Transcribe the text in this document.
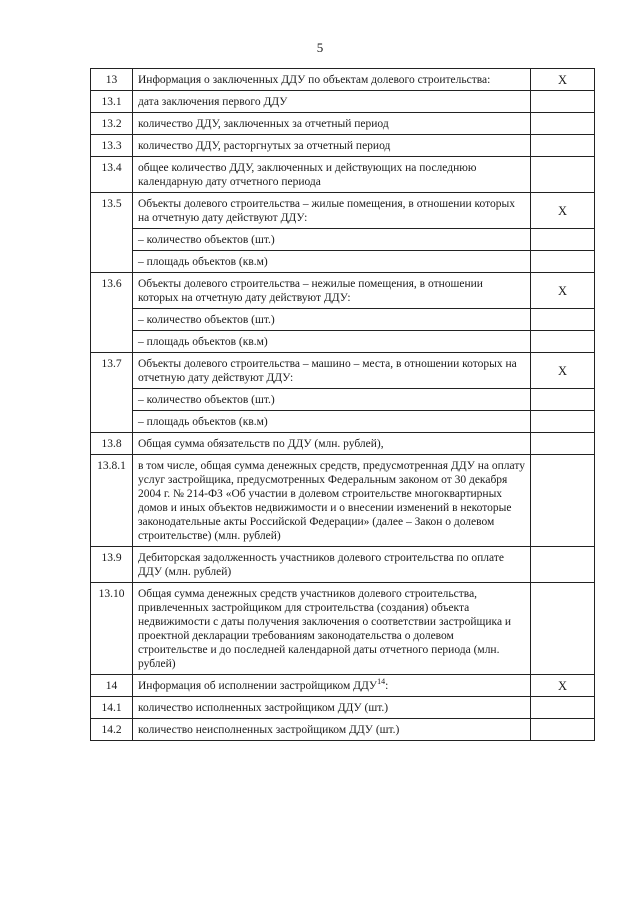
5
13	Информация о заключенных ДДУ по объектам долевого строительства:	X
13.1	дата заключения первого ДДУ	
13.2	количество ДДУ, заключенных за отчетный период	
13.3	количество ДДУ, расторгнутых за отчетный период	
13.4	общее количество ДДУ, заключенных и действующих на последнюю календарную дату отчетного периода	
13.5	Объекты долевого строительства – жилые помещения, в отношении которых на отчетную дату действуют ДДУ:	X
	– количество объектов (шт.)	
	– площадь объектов (кв.м)	
13.6	Объекты долевого строительства – нежилые помещения, в отношении которых на отчетную дату действуют ДДУ:	X
	– количество объектов (шт.)	
	– площадь объектов (кв.м)	
13.7	Объекты долевого строительства – машино – места, в отношении которых на отчетную дату действуют ДДУ:	X
	– количество объектов (шт.)	
	– площадь объектов (кв.м)	
13.8	Общая сумма обязательств по ДДУ (млн. рублей),	
13.8.1	в том числе, общая сумма денежных средств, предусмотренная ДДУ на оплату услуг застройщика, предусмотренных Федеральным законом от 30 декабря 2004 г. № 214-ФЗ «Об участии в долевом строительстве многоквартирных домов и иных объектов недвижимости и о внесении изменений в некоторые законодательные акты Российской Федерации» (далее – Закон о долевом строительстве) (млн. рублей)	
13.9	Дебиторская задолженность участников долевого строительства по оплате ДДУ (млн. рублей)	
13.10	Общая сумма денежных средств участников долевого строительства, привлеченных застройщиком для строительства (создания) объекта недвижимости с даты получения заключения о соответствии застройщика и проектной декларации требованиям законодательства о долевом строительстве и до последней календарной даты отчетного периода (млн. рублей)	
14	Информация об исполнении застройщиком ДДУ$^{14}$:	X
14.1	количество исполненных застройщиком ДДУ (шт.)	
14.2	количество неисполненных застройщиком ДДУ (шт.)	
